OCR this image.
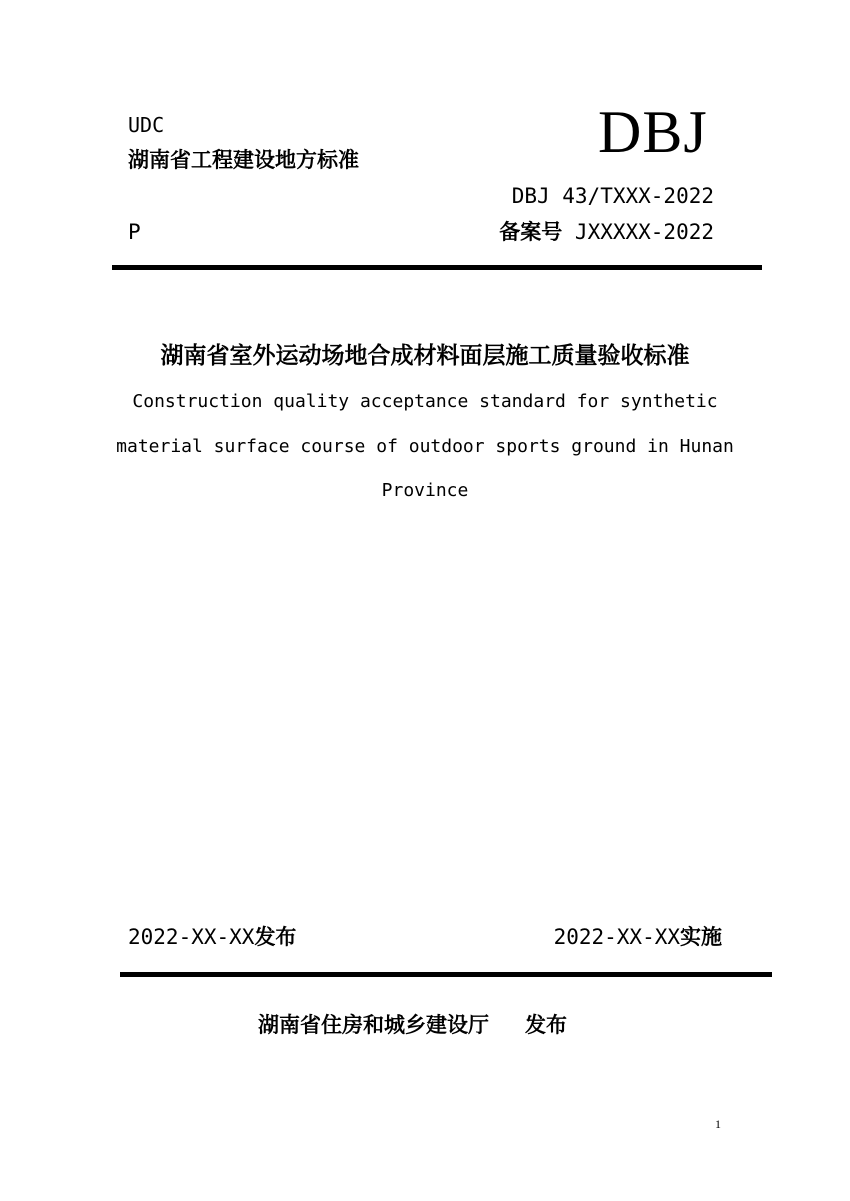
UDC
湖南省工程建设地方标准	DBJ
DBJ 43/TXXX-2022
P	备案号 JXXXXX-2022
湖南省室外运动场地合成材料面层施工质量验收标准
Construction quality acceptance standard for synthetic
material surface course of outdoor sports ground in Hunan
Province
2022-XX-XX发布	2022-XX-XX实施
湖南省住房和城乡建设厅 发布
1
